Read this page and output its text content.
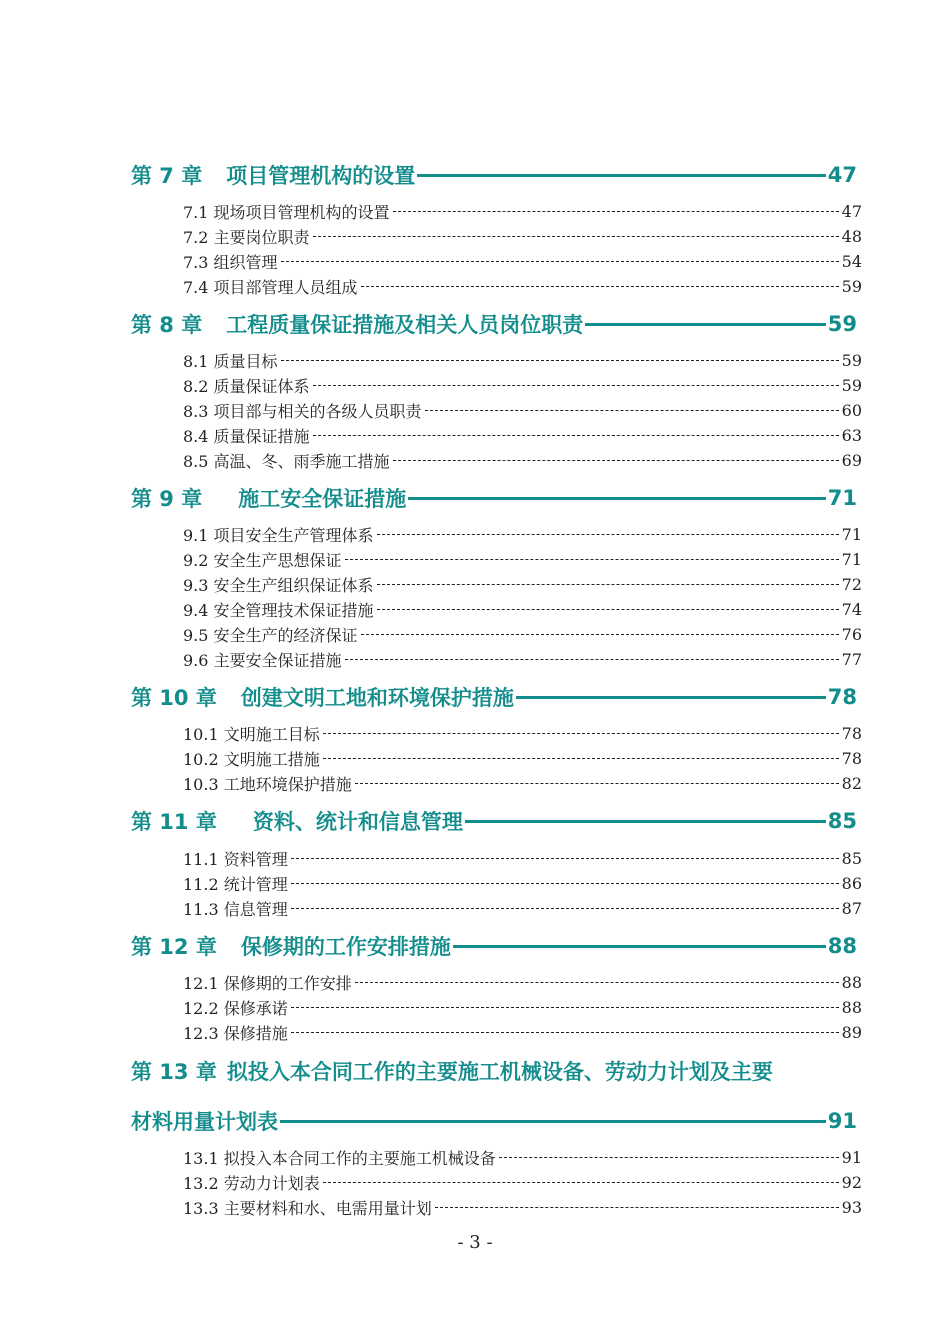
第 7 章 项目管理机构的设置	47
7.1 现场项目管理机构的设置	47
7.2 主要岗位职责	48
7.3 组织管理	54
7.4 项目部管理人员组成	59
第 8 章 工程质量保证措施及相关人员岗位职责	59
8.1 质量目标	59
8.2 质量保证体系	59
8.3 项目部与相关的各级人员职责	60
8.4 质量保证措施	63
8.5 高温、冬、雨季施工措施	69
第 9 章 施工安全保证措施	71
9.1 项目安全生产管理体系	71
9.2 安全生产思想保证	71
9.3 安全生产组织保证体系	72
9.4 安全管理技术保证措施	74
9.5 安全生产的经济保证	76
9.6 主要安全保证措施	77
第 10 章 创建文明工地和环境保护措施	78
10.1 文明施工目标	78
10.2 文明施工措施	78
10.3 工地环境保护措施	82
第 11 章 资料、统计和信息管理	85
11.1 资料管理	85
11.2 统计管理	86
11.3 信息管理	87
第 12 章 保修期的工作安排措施	88
12.1 保修期的工作安排	88
12.2 保修承诺	88
12.3 保修措施	89
第 13 章 拟投入本合同工作的主要施工机械设备、劳动力计划及主要
材料用量计划表	91
13.1 拟投入本合同工作的主要施工机械设备	91
13.2 劳动力计划表	92
13.3 主要材料和水、电需用量计划	93
- 3 -
